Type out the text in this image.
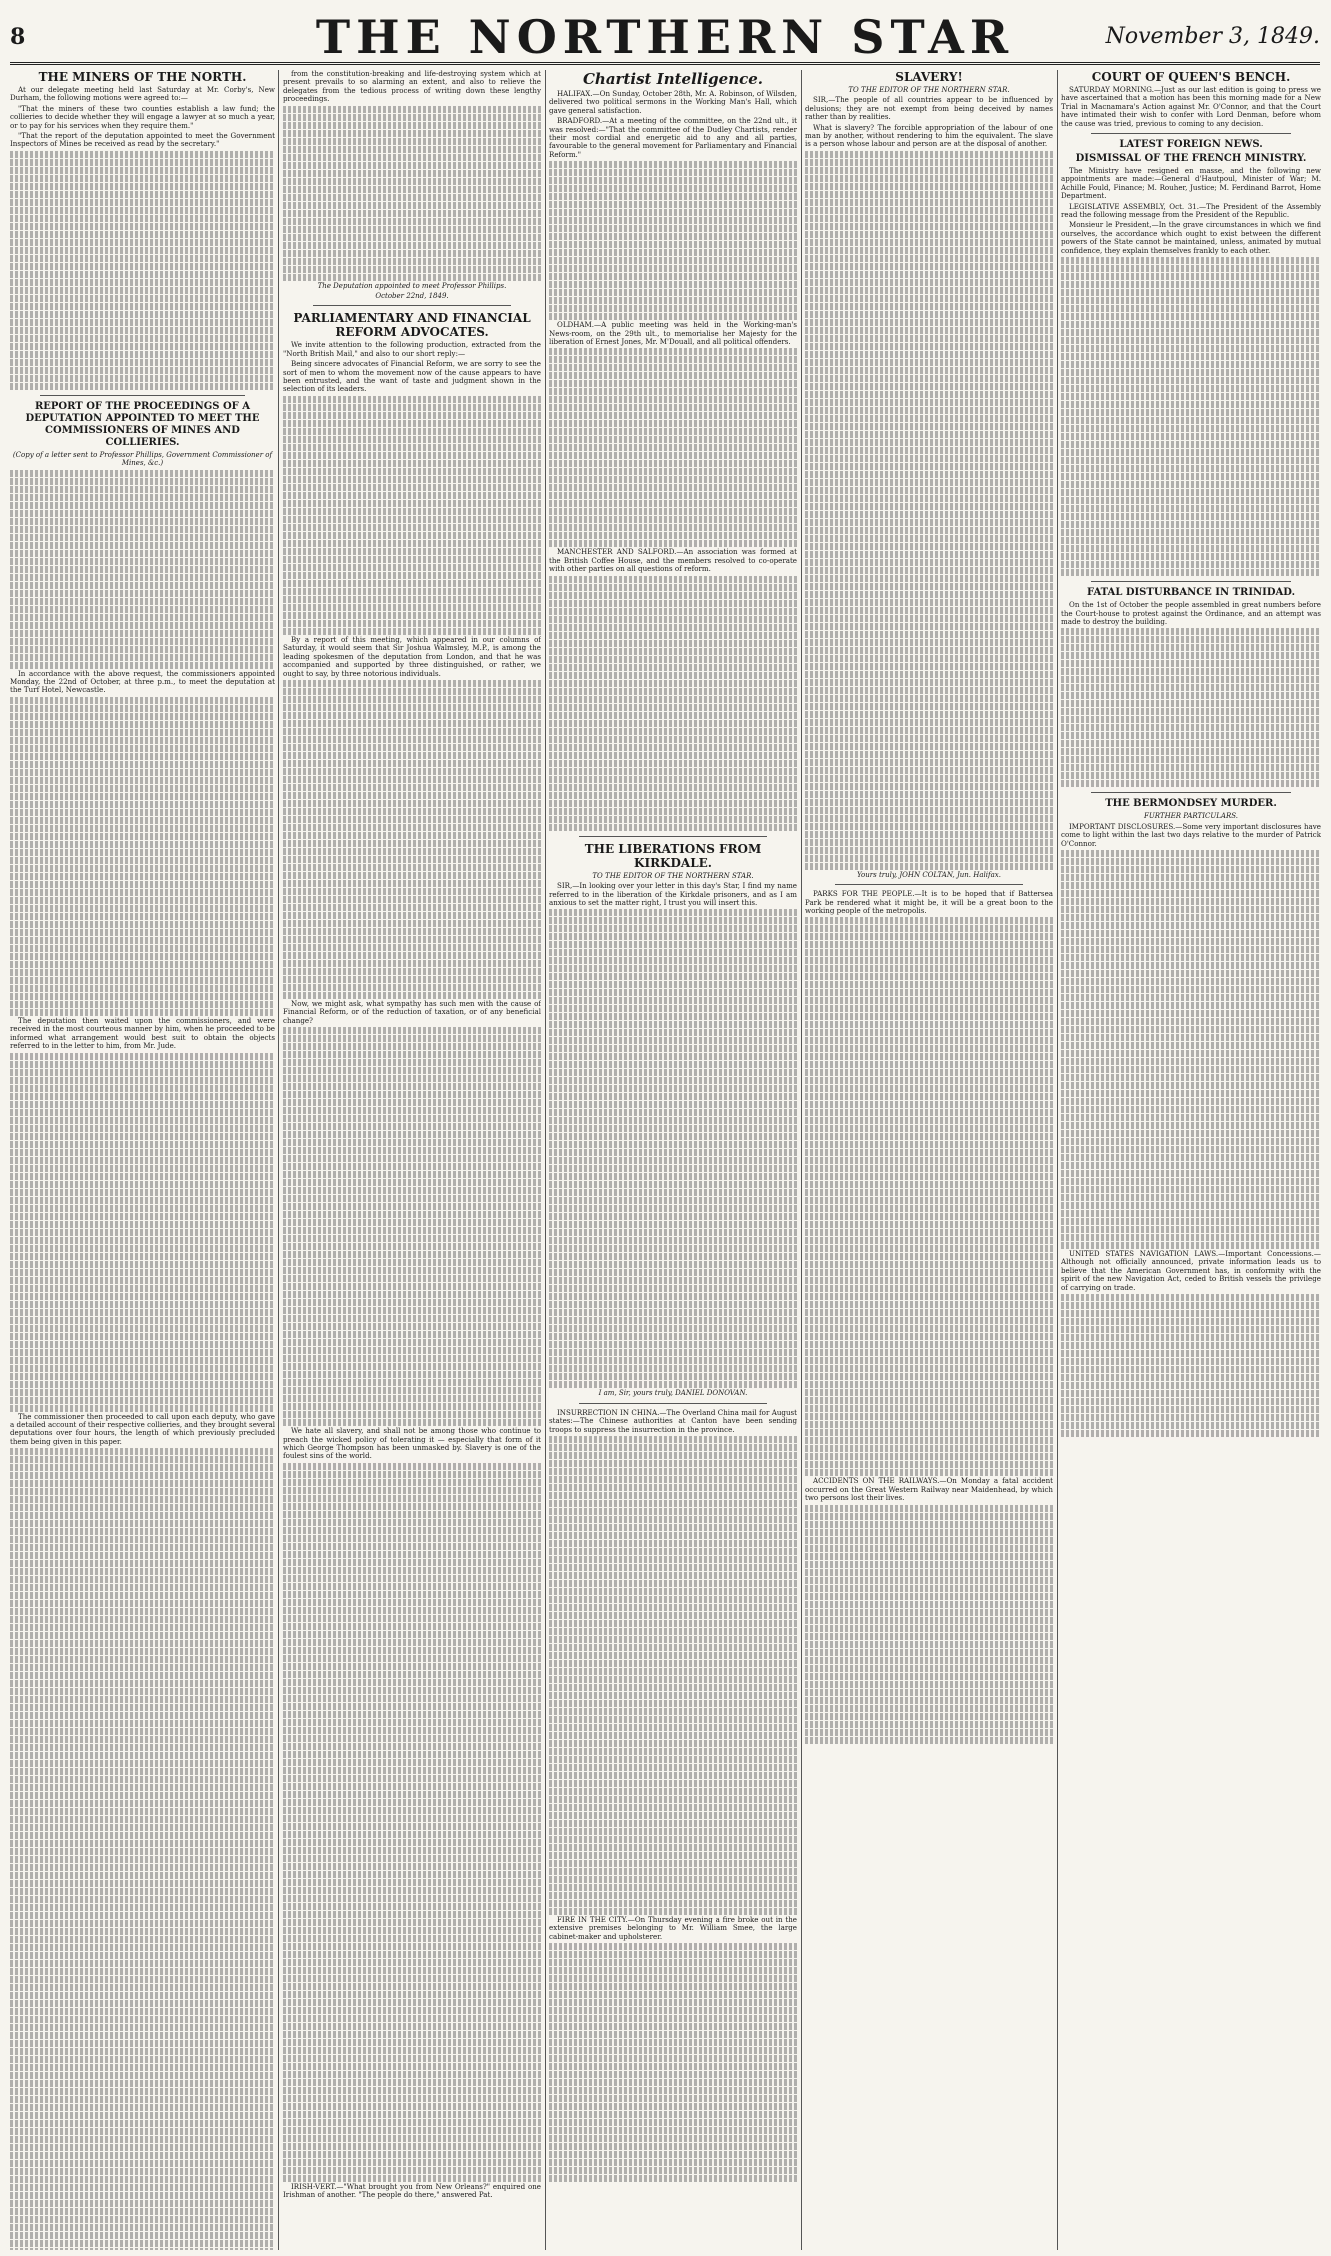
8	THE NORTHERN STAR	November 3, 1849.

THE MINERS OF THE NORTH.

At our delegate meeting held last Saturday at Mr. Corby's, New Durham, the following motions were agreed to:—

"That the miners of these two counties establish a law fund; the collieries to decide whether they will engage a lawyer at so much a year, or to pay for his services when they require them."

"That the report of the deputation appointed to meet the Government Inspectors of Mines be received as read by the secretary."

REPORT OF THE PROCEEDINGS OF A DEPUTATION APPOINTED TO MEET THE COMMISSIONERS OF MINES AND COLLIERIES.

(Copy of a letter sent to Professor Phillips, Government Commissioner of Mines, &c.)

In accordance with the above request, the commissioners appointed Monday, the 22nd of October, at three p.m., to meet the deputation at the Turf Hotel, Newcastle.

The deputation then waited upon the commissioners, and were received in the most courteous manner by him, when he proceeded to be informed what arrangement would best suit to obtain the objects referred to in the letter to him, from Mr. Jude.

The commissioner then proceeded to call upon each deputy, who gave a detailed account of their respective collieries, and they brought several deputations over four hours, the length of which previously precluded them being given in this paper.

from the constitution-breaking and life-destroying system which at present prevails to so alarming an extent, and also to relieve the delegates from the tedious process of writing down these lengthy proceedings.

The Deputation appointed to meet Professor Phillips.

October 22nd, 1849.

PARLIAMENTARY AND FINANCIAL REFORM ADVOCATES.

We invite attention to the following production, extracted from the "North British Mail," and also to our short reply:—

Being sincere advocates of Financial Reform, we are sorry to see the sort of men to whom the movement now of the cause appears to have been entrusted, and the want of taste and judgment shown in the selection of its leaders.

By a report of this meeting, which appeared in our columns of Saturday, it would seem that Sir Joshua Walmsley, M.P., is among the leading spokesmen of the deputation from London, and that he was accompanied and supported by three distinguished, or rather, we ought to say, by three notorious individuals.

Now, we might ask, what sympathy has such men with the cause of Financial Reform, or of the reduction of taxation, or of any beneficial change?

We hate all slavery, and shall not be among those who continue to preach the wicked policy of tolerating it — especially that form of it which George Thompson has been unmasked by. Slavery is one of the foulest sins of the world.

IRISH-VERT.—"What brought you from New Orleans?" enquired one Irishman of another. "The people do there," answered Pat.

Chartist Intelligence.

HALIFAX.—On Sunday, October 28th, Mr. A. Robinson, of Wilsden, delivered two political sermons in the Working Man's Hall, which gave general satisfaction.

BRADFORD.—At a meeting of the committee, on the 22nd ult., it was resolved:—"That the committee of the Dudley Chartists, render their most cordial and energetic aid to any and all parties, favourable to the general movement for Parliamentary and Financial Reform."

OLDHAM.—A public meeting was held in the Working-man's News-room, on the 29th ult., to memorialise her Majesty for the liberation of Ernest Jones, Mr. M'Douall, and all political offenders.

MANCHESTER AND SALFORD.—An association was formed at the British Coffee House, and the members resolved to co-operate with other parties on all questions of reform.

THE LIBERATIONS FROM KIRKDALE.

TO THE EDITOR OF THE NORTHERN STAR.

SIR,—In looking over your letter in this day's Star, I find my name referred to in the liberation of the Kirkdale prisoners, and as I am anxious to set the matter right, I trust you will insert this.

I am, Sir, yours truly, DANIEL DONOVAN.

INSURRECTION IN CHINA.—The Overland China mail for August states:—The Chinese authorities at Canton have been sending troops to suppress the insurrection in the province.

FIRE IN THE CITY.—On Thursday evening a fire broke out in the extensive premises belonging to Mr. William Smee, the large cabinet-maker and upholsterer.

SLAVERY!

TO THE EDITOR OF THE NORTHERN STAR.

SIR,—The people of all countries appear to be influenced by delusions; they are not exempt from being deceived by names rather than by realities.

What is slavery? The forcible appropriation of the labour of one man by another, without rendering to him the equivalent. The slave is a person whose labour and person are at the disposal of another.

Yours truly, JOHN COLTAN, Jun. Halifax.

PARKS FOR THE PEOPLE.—It is to be hoped that if Battersea Park be rendered what it might be, it will be a great boon to the working people of the metropolis.

ACCIDENTS ON THE RAILWAYS.—On Monday a fatal accident occurred on the Great Western Railway near Maidenhead, by which two persons lost their lives.

COURT OF QUEEN'S BENCH.

SATURDAY MORNING.—Just as our last edition is going to press we have ascertained that a motion has been this morning made for a New Trial in Macnamara's Action against Mr. O'Connor, and that the Court have intimated their wish to confer with Lord Denman, before whom the cause was tried, previous to coming to any decision.

LATEST FOREIGN NEWS.

DISMISSAL OF THE FRENCH MINISTRY.

The Ministry have resigned en masse, and the following new appointments are made:—General d'Hautpoul, Minister of War; M. Achille Fould, Finance; M. Rouher, Justice; M. Ferdinand Barrot, Home Department.

LEGISLATIVE ASSEMBLY, Oct. 31.—The President of the Assembly read the following message from the President of the Republic.

Monsieur le President,—In the grave circumstances in which we find ourselves, the accordance which ought to exist between the different powers of the State cannot be maintained, unless, animated by mutual confidence, they explain themselves frankly to each other.

FATAL DISTURBANCE IN TRINIDAD.

On the 1st of October the people assembled in great numbers before the Court-house to protest against the Ordinance, and an attempt was made to destroy the building.

THE BERMONDSEY MURDER.

FURTHER PARTICULARS.

IMPORTANT DISCLOSURES.—Some very important disclosures have come to light within the last two days relative to the murder of Patrick O'Connor.

UNITED STATES NAVIGATION LAWS.—Important Concessions.—Although not officially announced, private information leads us to believe that the American Government has, in conformity with the spirit of the new Navigation Act, ceded to British vessels the privilege of carrying on trade.
